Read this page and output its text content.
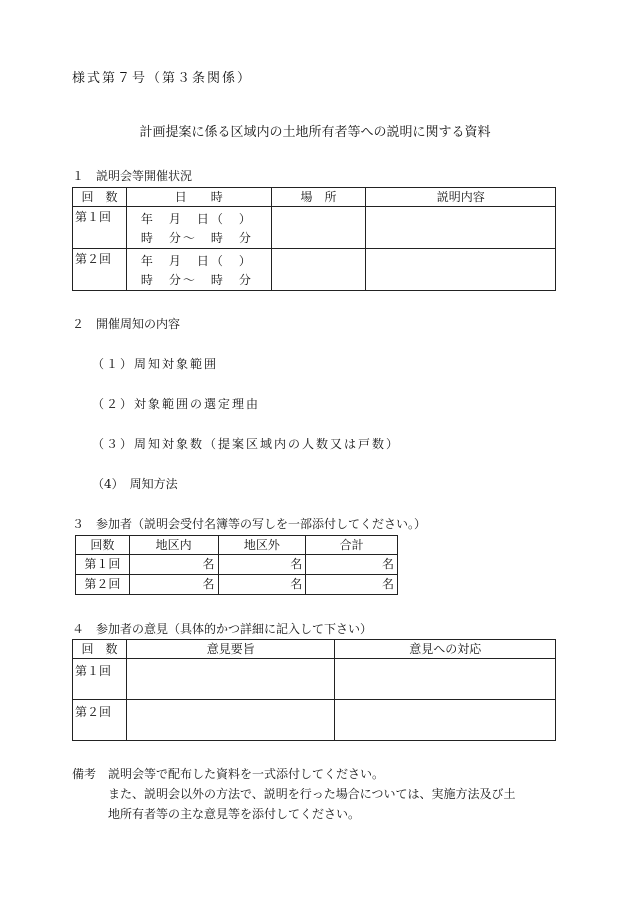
様式第７号（第３条関係）
計画提案に係る区域内の土地所有者等への説明に関する資料
１　説明会等開催状況
回　数	日　　時	場　所	説明内容

第１回	年　月　日（　）
時　分〜　時　分		

第２回	年　月　日（　）
時　分〜　時　分		

２　開催周知の内容
（１）周知対象範囲
（２）対象範囲の選定理由
（３）周知対象数（提案区域内の人数又は戸数）
（4）　周知方法
３　参加者（説明会受付名簿等の写しを一部添付してください。）
回数	地区内	地区外	合計
第１回	名	名	名
第２回	名	名	名
４　参加者の意見（具体的かつ詳細に記入して下さい）
回　数	意見要旨	意見への対応

第１回		

第２回		

備考 説明会等で配布した資料を一式添付してください。
また、説明会以外の方法で、説明を行った場合については、実施方法及び土
地所有者等の主な意見等を添付してください。
